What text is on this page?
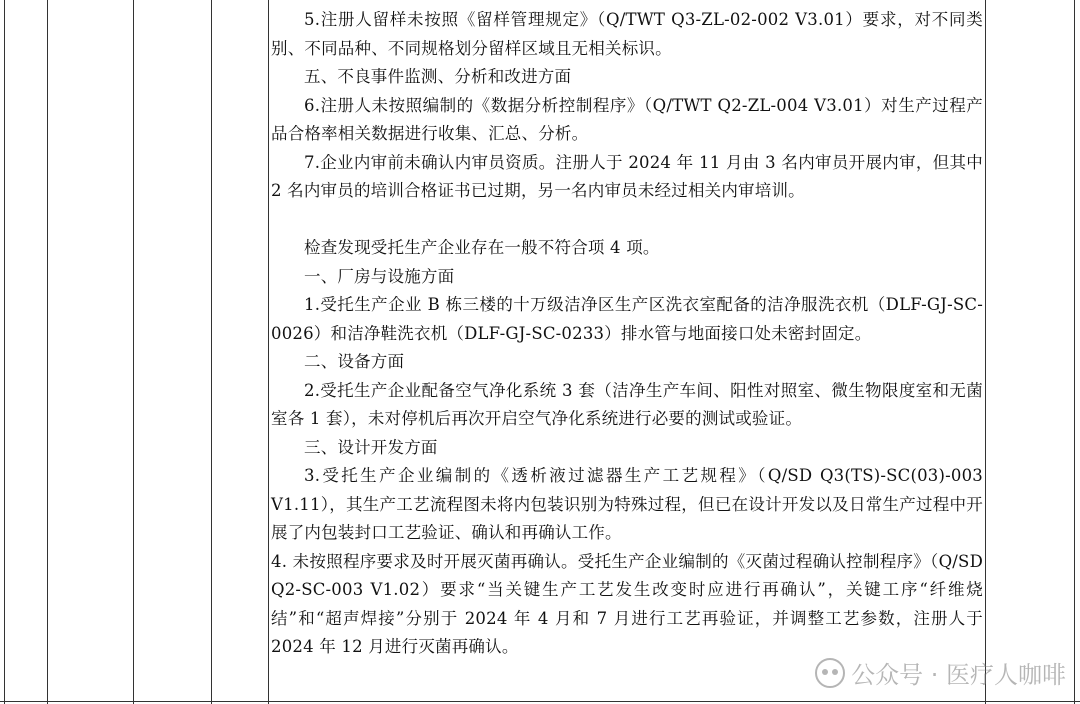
5.注册人留样未按照《留样管理规定》（Q/TWT Q3-ZL-02-002 V3.01）要求，对不同类别、不同品种、不同规格划分留样区域且无相关标识。

五、不良事件监测、分析和改进方面

6.注册人未按照编制的《数据分析控制程序》（Q/TWT Q2-ZL-004 V3.01）对生产过程产品合格率相关数据进行收集、汇总、分析。

7.企业内审前未确认内审员资质。注册人于 2024 年 11 月由 3 名内审员开展内审，但其中 2 名内审员的培训合格证书已过期，另一名内审员未经过相关内审培训。

检查发现受托生产企业存在一般不符合项 4 项。

一、厂房与设施方面

1.受托生产企业 B 栋三楼的十万级洁净区生产区洗衣室配备的洁净服洗衣机（DLF-GJ-SC-0026）和洁净鞋洗衣机（DLF-GJ-SC-0233）排水管与地面接口处未密封固定。

二、设备方面

2.受托生产企业配备空气净化系统 3 套（洁净生产车间、阳性对照室、微生物限度室和无菌室各 1 套），未对停机后再次开启空气净化系统进行必要的测试或验证。

三、设计开发方面

3.受托生产企业编制的《透析液过滤器生产工艺规程》（Q/SD Q3(TS)-SC(03)-003 V1.11），其生产工艺流程图未将内包装识别为特殊过程，但已在设计开发以及日常生产过程中开展了内包装封口工艺验证、确认和再确认工作。

4. 未按照程序要求及时开展灭菌再确认。受托生产企业编制的《灭菌过程确认控制程序》（Q/SD Q2-SC-003 V1.02）要求“当关键生产工艺发生改变时应进行再确认”，关键工序“纤维烧结”和“超声焊接”分别于 2024 年 4 月和 7 月进行工艺再验证，并调整工艺参数，注册人于 2024 年 12 月进行灭菌再确认。

公众号 · 医疗人咖啡
